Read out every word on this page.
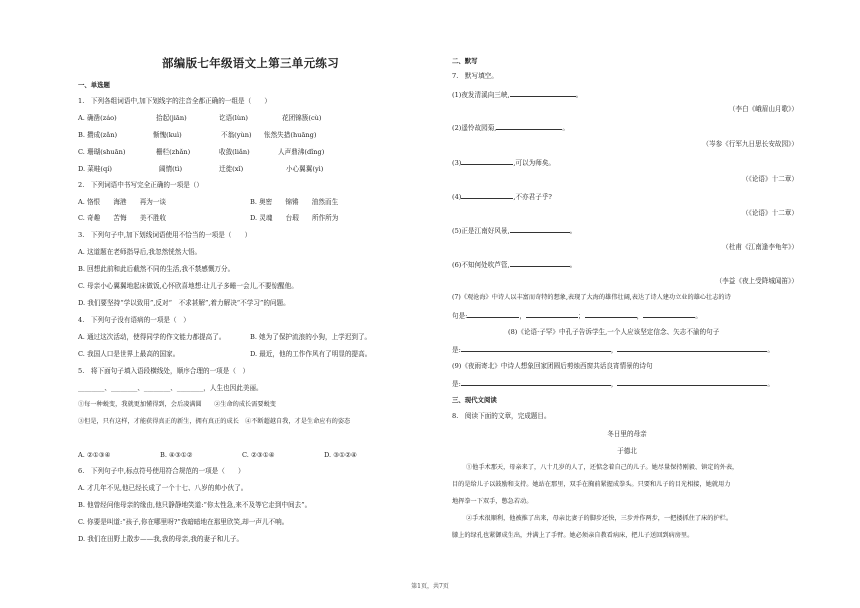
部编版七年级语文上第三单元练习
一、单选题
1.　下列各组词语中,加下划线字的注音全都正确的一组是（　　）
A. 确凿(záo)	拾起(jiān)	讫语(lùn)	花团锦簇(cù)
B. 攒成(zǎn)	惭愧(kuì)	不翁(yùn) 怅然失措(huāng)
C. 珊瑚(shuān)	栅栏(zhǎn)	收敛(liǎn)	人声鼎沸(dǐng)
D. 菜畦(qí)	阔惰(tì)	迁徙(xǐ)	小心翼翼(yì)
2.　下列词语中书写完全正确的一项是（）
A. 恪恨　　海港　　再为一谈	B. 奥密　　锦锵　　油然而生
C. 奇趣　　苦悔　　美不胜收	D. 灵魂　　台瑕　　所作所为
3.　下列句子中,加下划线词语使用不恰当的一项是（　　）
A. 这道题在老师指导后,我忽然恍然大悟。
B. 回想此前和此后截然不同的生活,我不禁感慨万分。
C. 母亲小心翼翼地起床做饭,心怀欣喜地想:让儿子多睡一会儿,不要惊醒他。
D. 我们要坚持“学以致用”,反对“　不求甚解”,着力解决“不学习”的问题。
4.　下列句子没有语病的一项是（　）
A. 通过这次活动，使得同学的作文能力都提高了。	B. 她为了保护流浪的小狗，上学迟到了。
C. 我国人口是世界上最高的国家。	D. 最近，他的工作作风有了明显的提高。
5.　将下面句子填入语段横线处，顺序合理的一项是（　）
________、________、________、________，人生也因此美丽。
①每一种蜕变，我就更加懂得到，会后凌满圆　　②生命的成长需要蜕变
③但是，只有这样，才能获得真正的新生，拥有真正的成长　④不断超越自我，才是生命应有的姿态
A. ②①③④	B. ④③①②	C. ②③①④	D. ③①②④
6.　下列句子中,标点符号使用符合规范的一项是（　　）
A. 才几年不见,他已经长成了一个十七、八岁的帅小伙了。
B. 他曾经问他母亲的缘由,他只静静地笑道:“你太性急,来不及等它走到中间去”。
C. 你要是叫道:“孩子,你在哪里呀?”我暗暗地在那里欣笑,却一声儿不响。
D. 我们在田野上散步——我,我的母亲,我的妻子和儿子。
二、默写
7.　默写填空。
(1)夜发清溪向三峡,	。
（李白《峨眉山月歌》）
(2)遥怜故园菊,	。
（岑参《行军九日思长安故园》）
(3)	,可以为师矣。
（《论语》十二章）
(4)	,不亦君子乎?
（《论语》十二章）
(5)正是江南好风景,	。
（杜甫《江南逢李龟年》）
(6)不知何处吹芦管,	。
（李益《夜上受降城闻笛》）
(7)《观沧海》中诗人以丰富而奇特的想象,表现了大海的雄伟壮阔,表达了诗人建功立业的雄心壮志的诗
句是:	，	；	，	。
(8)《论语·子罕》中孔子告诉学生,一个人应该坚定信念、矢志不渝的句子
是:	，	。
(9)《夜雨寄北》中诗人想象回家团圆后剪烛西窗共话良宵情景的诗句
是:	，	。
三、现代文阅读
8.　阅读下面的文章，完成题目。
冬日里的母亲
于德北
①他手术那天，母亲来了，八十几岁的人了，还惦念着自己的儿子。她尽量保持刚毅、镇定的外表，
目的是给儿子以鼓励和支持。她站在那里，双手在胸前紧握成拳头。只要和儿子的目光相接，她就用力
地挥拳一下双手，憋急若动。
②手术很顺利，他被推了出来，母亲比妻子的脚步还快，三步并作两步，一把搂抓住了床的护栏。
膝上的绿孔也紧御成生出，并满上了手臂。她必须亲自教看病床，把儿子送回到病房里。
第1页，共7页
